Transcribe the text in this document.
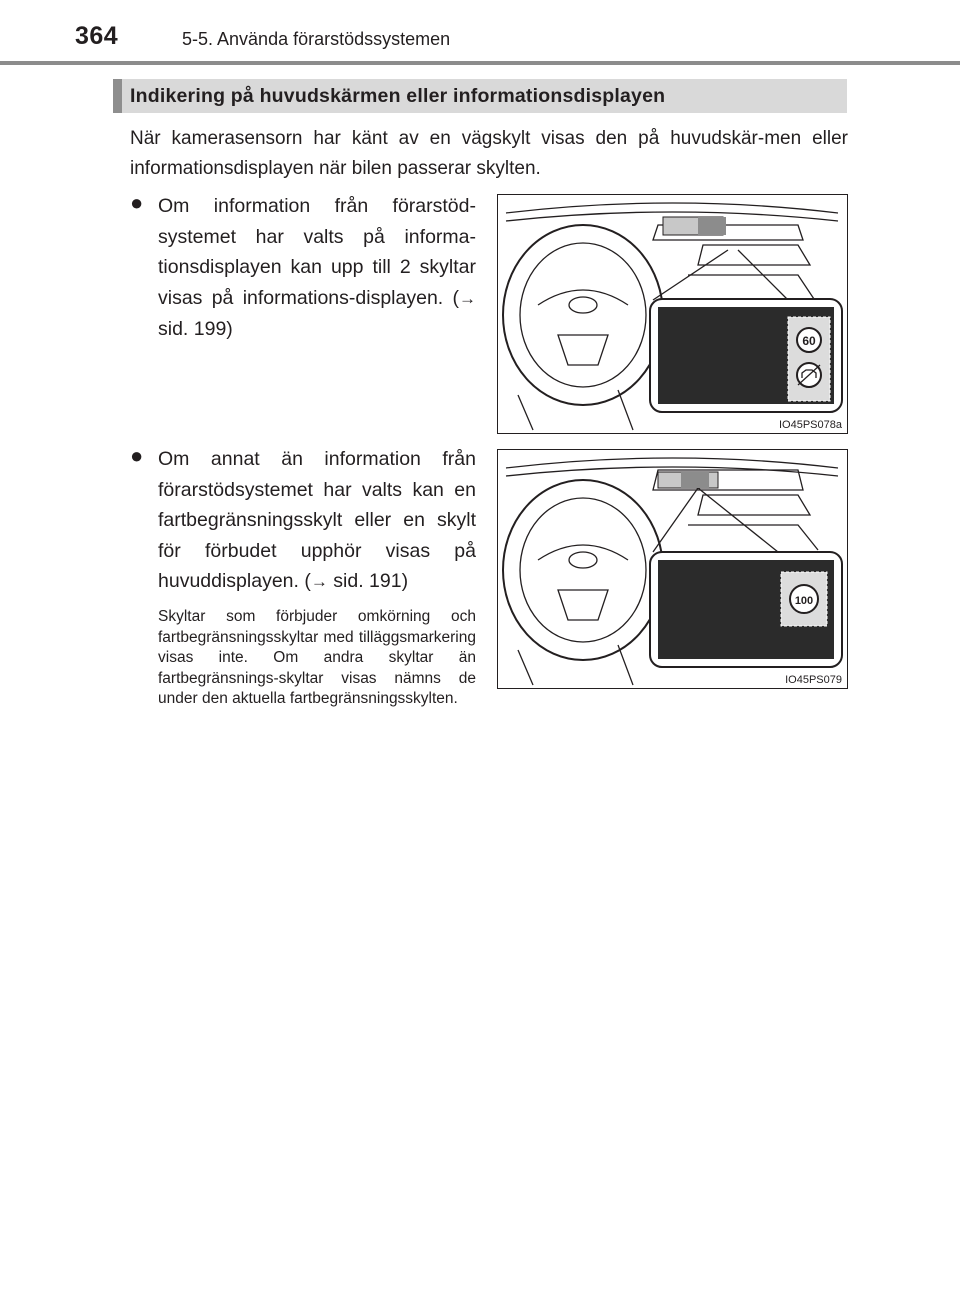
364	5-5. Använda förarstödssystemen
Indikering på huvudskärmen eller informationsdisplayen
När kamerasensorn har känt av en vägskylt visas den på huvudskär-men eller informationsdisplayen när bilen passerar skylten.
● Om information från förarstöd-systemet har valts på informa-tionsdisplayen kan upp till 2 skyltar visas på informations-displayen. (→ sid. 199)
60
IO45PS078a
● Om annat än information från förarstödsystemet har valts kan en fartbegränsningsskylt eller en skylt för förbudet upphör visas på huvuddisplayen. (→ sid. 191)
Skyltar som förbjuder omkörning och fartbegränsningsskyltar med tilläggsmarkering visas inte. Om andra skyltar än fartbegränsnings-skyltar visas nämns de under den aktuella fartbegränsningsskylten.
100
IO45PS079
